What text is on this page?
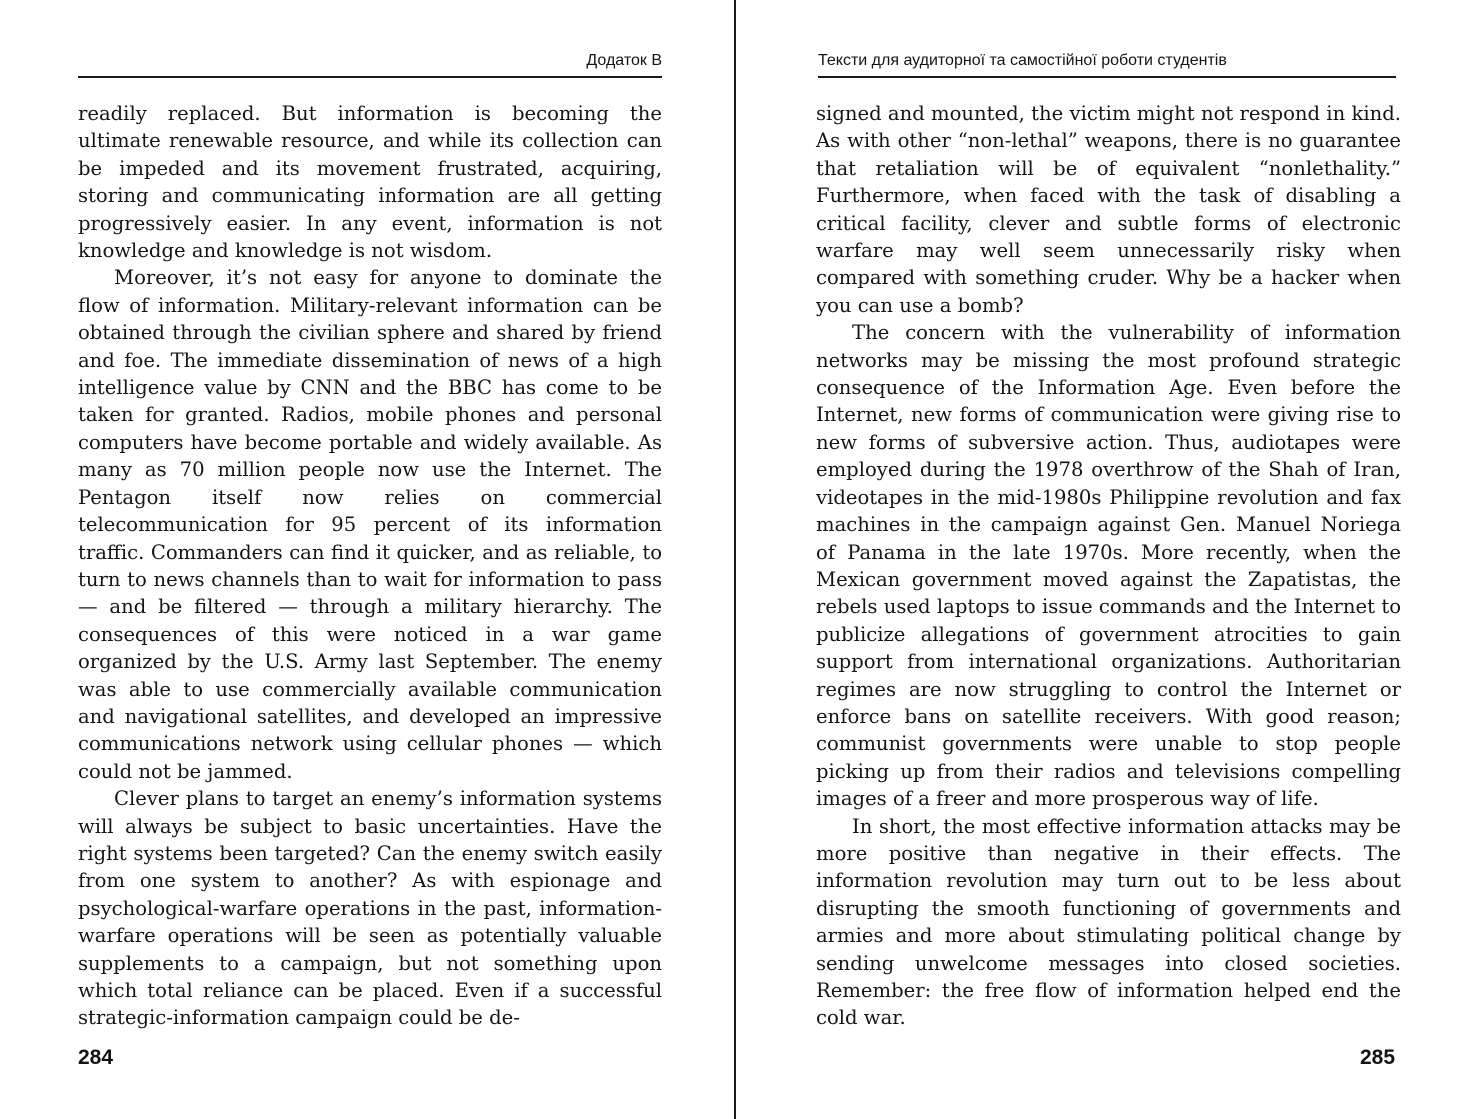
Додаток В

readily replaced. But information is becoming the ultimate renewable resource, and while its collection can be impeded and its movement frustrated, acquiring, storing and communicating information are all getting progressively easier. In any event, information is not knowledge and knowledge is not wisdom.

Moreover, it’s not easy for anyone to dominate the flow of information. Military-relevant information can be obtained through the civilian sphere and shared by friend and foe. The immediate dissemination of news of a high intelligence value by CNN and the BBC has come to be taken for granted. Radios, mobile phones and personal computers have become portable and widely available. As many as 70 million people now use the Internet. The Pentagon itself now relies on commercial telecommunication for 95 percent of its information traffic. Commanders can find it quicker, and as reliable, to turn to news channels than to wait for information to pass — and be filtered — through a military hierarchy. The consequences of this were noticed in a war game organized by the U.S. Army last September. The enemy was able to use commercially available communication and navigational satellites, and developed an impressive communications network using cellular phones — which could not be jammed.

Clever plans to target an enemy’s information systems will always be subject to basic uncertainties. Have the right systems been targeted? Can the enemy switch easily from one system to another? As with espionage and psychological-warfare operations in the past, information-warfare operations will be seen as potentially valuable supplements to a campaign, but not something upon which total reliance can be placed. Even if a successful strategic-information campaign could be de-

284
Тексти для аудиторної та самостійної роботи студентів

signed and mounted, the victim might not respond in kind. As with other “non-lethal” weapons, there is no guarantee that retaliation will be of equivalent “nonlethality.” Furthermore, when faced with the task of disabling a critical facility, clever and subtle forms of electronic warfare may well seem unnecessarily risky when compared with something cruder. Why be a hacker when you can use a bomb?

The concern with the vulnerability of information networks may be missing the most profound strategic consequence of the Information Age. Even before the Internet, new forms of communication were giving rise to new forms of subversive action. Thus, audiotapes were employed during the 1978 overthrow of the Shah of Iran, videotapes in the mid-1980s Philippine revolution and fax machines in the campaign against Gen. Manuel Noriega of Panama in the late 1970s. More recently, when the Mexican government moved against the Zapatistas, the rebels used laptops to issue commands and the Internet to publicize allegations of government atrocities to gain support from international organizations. Authoritarian regimes are now struggling to control the Internet or enforce bans on satellite receivers. With good reason; communist governments were unable to stop people picking up from their radios and televisions compelling images of a freer and more prosperous way of life.

In short, the most effective information attacks may be more positive than negative in their effects. The information revolution may turn out to be less about disrupting the smooth functioning of governments and armies and more about stimulating political change by sending unwelcome messages into closed societies. Remember: the free flow of information helped end the cold war.

285
